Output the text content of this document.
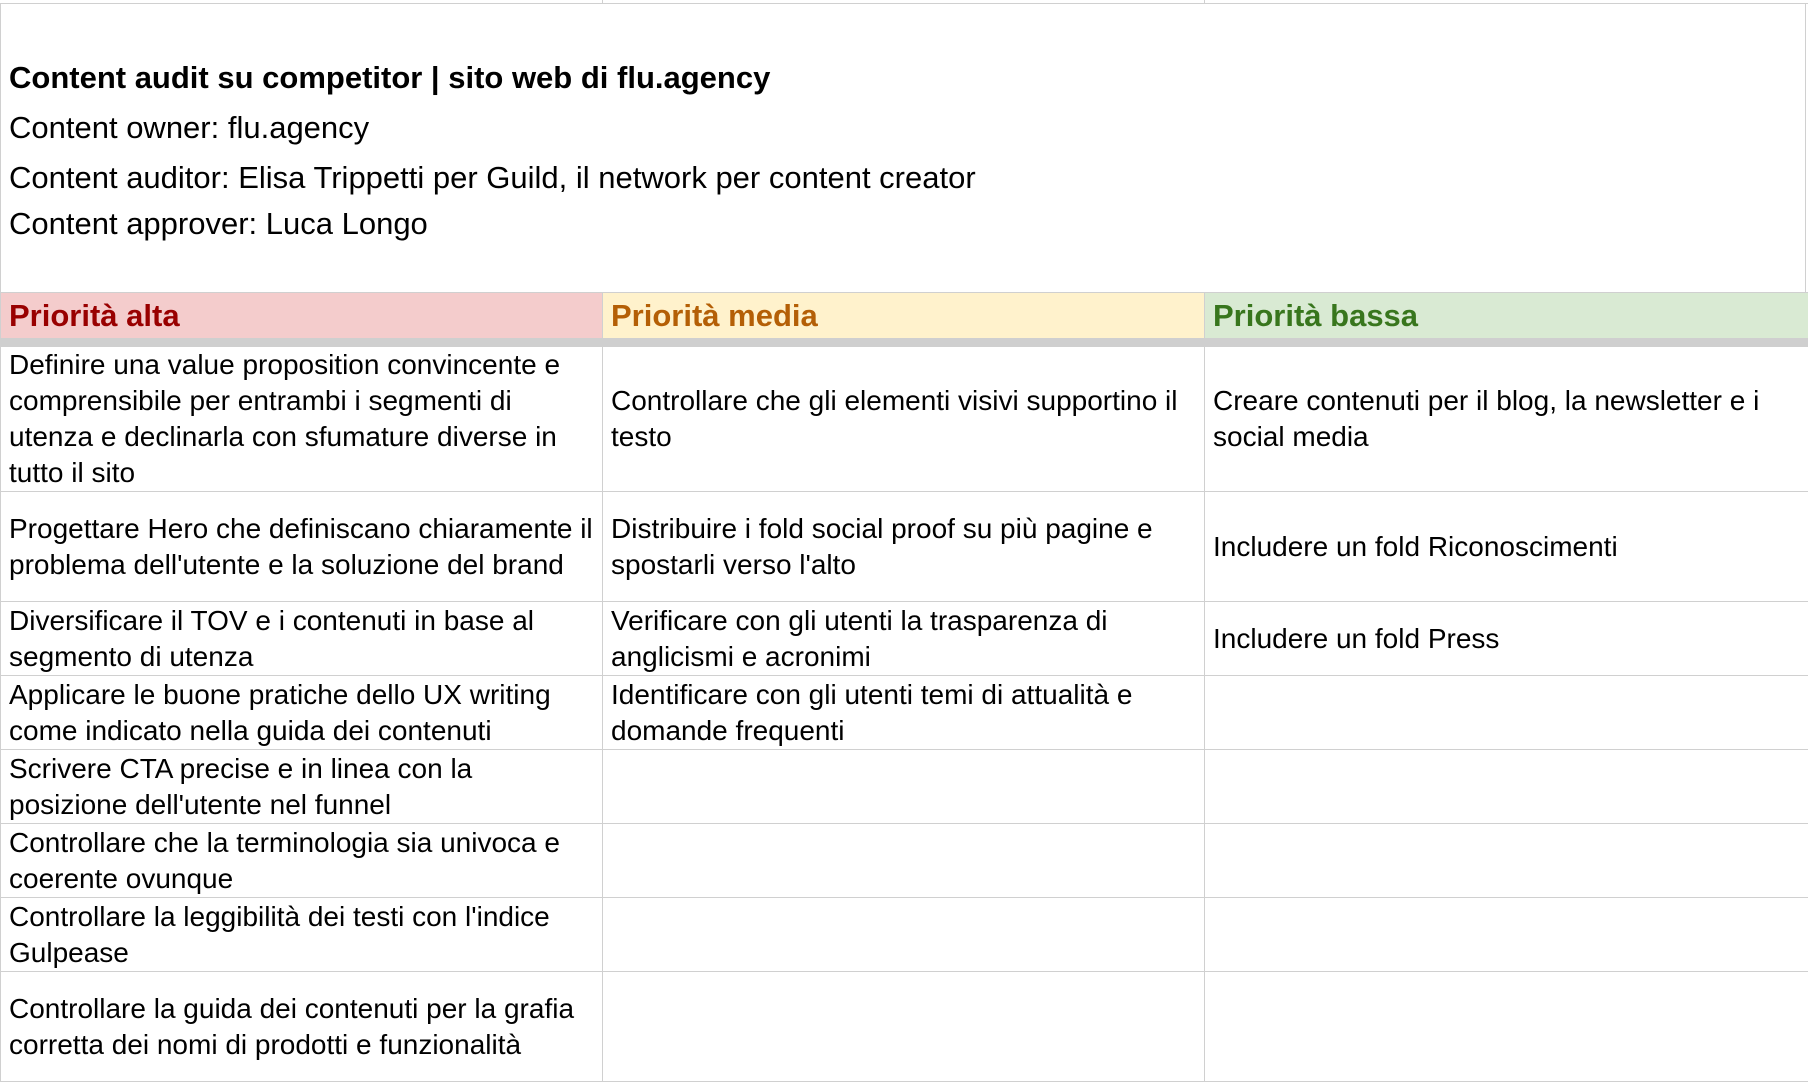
Content audit su competitor | sito web di flu.agency
Content owner: flu.agency
Content auditor: Elisa Trippetti per Guild, il network per content creator
Content approver: Luca Longo
Priorità alta	Priorità media	Priorità bassa
Definire una value proposition convincente e comprensibile per entrambi i segmenti di utenza e declinarla con sfumature diverse in tutto il sito	Controllare che gli elementi visivi supportino il testo	Creare contenuti per il blog, la newsletter e i social media
Progettare Hero che definiscano chiaramente il problema dell'utente e la soluzione del brand	Distribuire i fold social proof su più pagine e spostarli verso l'alto	Includere un fold Riconoscimenti
Diversificare il TOV e i contenuti in base al segmento di utenza	Verificare con gli utenti la trasparenza di anglicismi e acronimi	Includere un fold Press
Applicare le buone pratiche dello UX writing come indicato nella guida dei contenuti	Identificare con gli utenti temi di attualità e domande frequenti	
Scrivere CTA precise e in linea con la posizione dell'utente nel funnel		
Controllare che la terminologia sia univoca e coerente ovunque		
Controllare la leggibilità dei testi con l'indice Gulpease		
Controllare la guida dei contenuti per la grafia corretta dei nomi di prodotti e funzionalità		
